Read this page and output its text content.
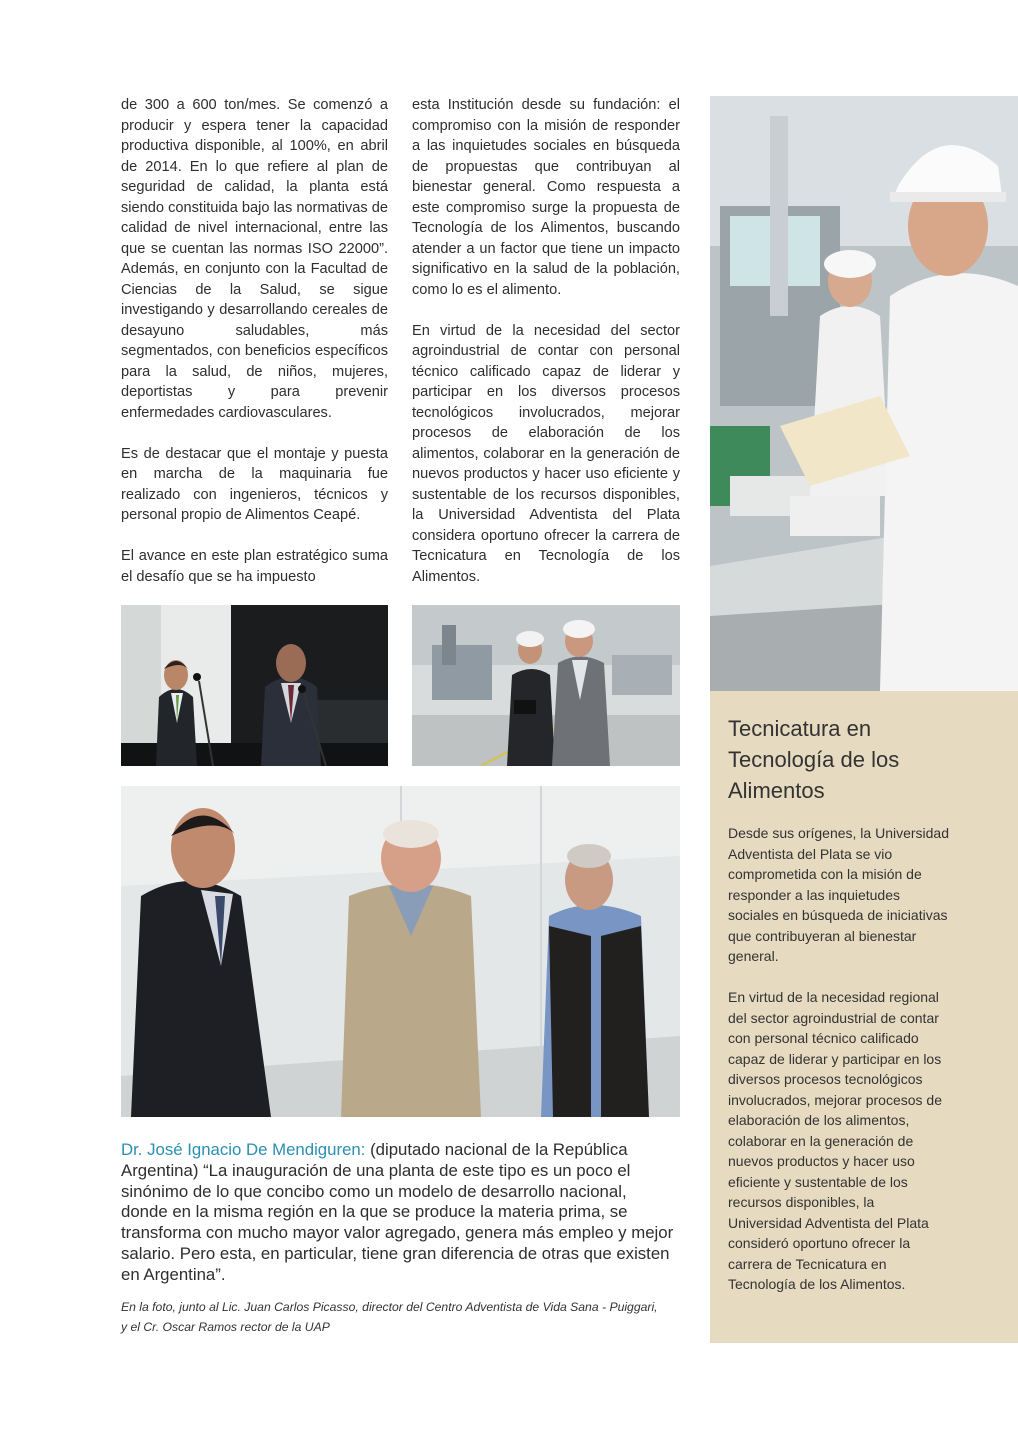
de 300 a 600 ton/mes. Se comenzó a producir y espera tener la capacidad productiva disponible, al 100%, en abril de 2014. En lo que refiere al plan de seguridad de calidad, la planta está siendo constituida bajo las normativas de calidad de nivel internacional, entre las que se cuentan las normas ISO 22000”. Además, en conjunto con la Facultad de Ciencias de la Salud, se sigue investigando y desarrollando cereales de desayuno saludables, más segmentados, con beneficios específicos para la salud, de niños, mujeres, deportistas y para prevenir enfermedades cardiovasculares.

Es de destacar que el montaje y puesta en marcha de la maquinaria fue realizado con ingenieros, técnicos y personal propio de Alimentos Ceapé.

El avance en este plan estratégico suma el desafío que se ha impuesto

esta Institución desde su fundación: el compromiso con la misión de responder a las inquietudes sociales en búsqueda de propuestas que contribuyan al bienestar general. Como respuesta a este compromiso surge la propuesta de Tecnología de los Alimentos, buscando atender a un factor que tiene un impacto significativo en la salud de la población, como lo es el alimento.

En virtud de la necesidad del sector agroindustrial de contar con personal técnico calificado capaz de liderar y participar en los diversos procesos tecnológicos involucrados, mejorar procesos de elaboración de los alimentos, colaborar en la generación de nuevos productos y hacer uso eficiente y sustentable de los recursos disponibles, la Universidad Adventista del Plata considera oportuno ofrecer la carrera de Tecnicatura en Tecnología de los Alimentos.

Tecnicatura en Tecnología de los Alimentos

Desde sus orígenes, la Universidad Adventista del Plata se vio comprometida con la misión de responder a las inquietudes sociales en búsqueda de iniciativas que contribuyeran al bienestar general.

En virtud de la necesidad regional del sector agroindustrial de contar con personal técnico calificado capaz de liderar y participar en los diversos procesos tecnológicos involucrados, mejorar procesos de elaboración de los alimentos, colaborar en la generación de nuevos productos y hacer uso eficiente y sustentable de los recursos disponibles, la Universidad Adventista del Plata consideró oportuno ofrecer la carrera de Tecnicatura en Tecnología de los Alimentos.

Dr. José Ignacio De Mendiguren: (diputado nacional de la República Argentina) “La inauguración de una planta de este tipo es un poco el sinónimo de lo que concibo como un modelo de desarrollo nacional, donde en la misma región en la que se produce la materia prima, se transforma con mucho mayor valor agregado, genera más empleo y mejor salario. Pero esta, en particular, tiene gran diferencia de otras que existen en Argentina”.
En la foto, junto al Lic. Juan Carlos Picasso, director del Centro Adventista de Vida Sana - Puiggari, y el Cr. Oscar Ramos rector de la UAP
